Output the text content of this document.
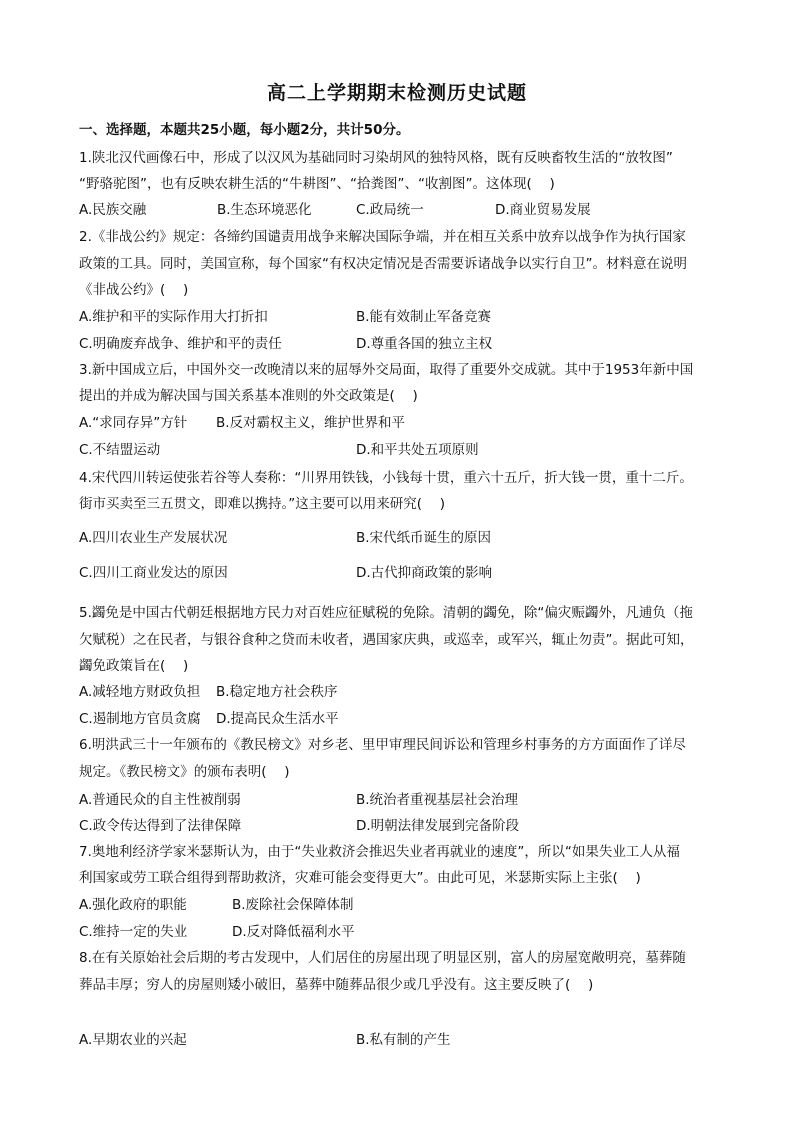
高二上学期期末检测历史试题
一、选择题，本题共25小题，每小题2分，共计50分。
1.陕北汉代画像石中，形成了以汉风为基础同时习染胡风的独特风格，既有反映畜牧生活的“放牧图”
“野骆驼图”，也有反映农耕生活的“牛耕图”、“拾粪图”、“收割图”。这体现(　 )
A.民族交融	B.生态环境恶化	C.政局统一	D.商业贸易发展
2.《非战公约》规定：各缔约国谴责用战争来解决国际争端，并在相互关系中放弃以战争作为执行国家
政策的工具。同时，美国宣称，每个国家“有权决定情况是否需要诉诸战争以实行自卫”。材料意在说明
《非战公约》(　 )
A.维护和平的实际作用大打折扣	B.能有效制止军备竞赛
C.明确废弃战争、维护和平的责任	D.尊重各国的独立主权
3.新中国成立后，中国外交一改晚清以来的屈辱外交局面，取得了重要外交成就。其中于1953年新中国
提出的并成为解决国与国关系基本准则的外交政策是(　 )
A.“求同存异”方针 B.反对霸权主义，维护世界和平
C.不结盟运动	D.和平共处五项原则
4.宋代四川转运使张若谷等人奏称：“川界用铁钱，小钱每十贯，重六十五斤，折大钱一贯，重十二斤。
街市买卖至三五贯文，即难以携持。”这主要可以用来研究(　 )
A.四川农业生产发展状况	B.宋代纸币诞生的原因
C.四川工商业发达的原因	D.古代抑商政策的影响
5.蠲免是中国古代朝廷根据地方民力对百姓应征赋税的免除。清朝的蠲免，除“偏灾赈蠲外，凡逋负（拖
欠赋税）之在民者，与银谷食种之贷而未收者，遇国家庆典，或巡幸，或军兴，辄止勿责”。据此可知，
蠲免政策旨在(　 )
A.减轻地方财政负担 B.稳定地方社会秩序
C.遏制地方官员贪腐 D.提高民众生活水平
6.明洪武三十一年颁布的《教民榜文》对乡老、里甲审理民间诉讼和管理乡村事务的方方面面作了详尽
规定。《教民榜文》的颁布表明(　 )
A.普通民众的自主性被削弱	B.统治者重视基层社会治理
C.政令传达得到了法律保障	D.明朝法律发展到完备阶段
7.奥地利经济学家米瑟斯认为，由于“失业救济会推迟失业者再就业的速度”，所以“如果失业工人从福
利国家或劳工联合组得到帮助救济，灾难可能会变得更大”。由此可见，米瑟斯实际上主张(　 )
A.强化政府的职能	B.废除社会保障体制
C.维持一定的失业	D.反对降低福利水平
8.在有关原始社会后期的考古发现中，人们居住的房屋出现了明显区别，富人的房屋宽敞明亮，墓葬随
葬品丰厚；穷人的房屋则矮小破旧，墓葬中随葬品很少或几乎没有。这主要反映了(　 )
A.早期农业的兴起	B.私有制的产生
